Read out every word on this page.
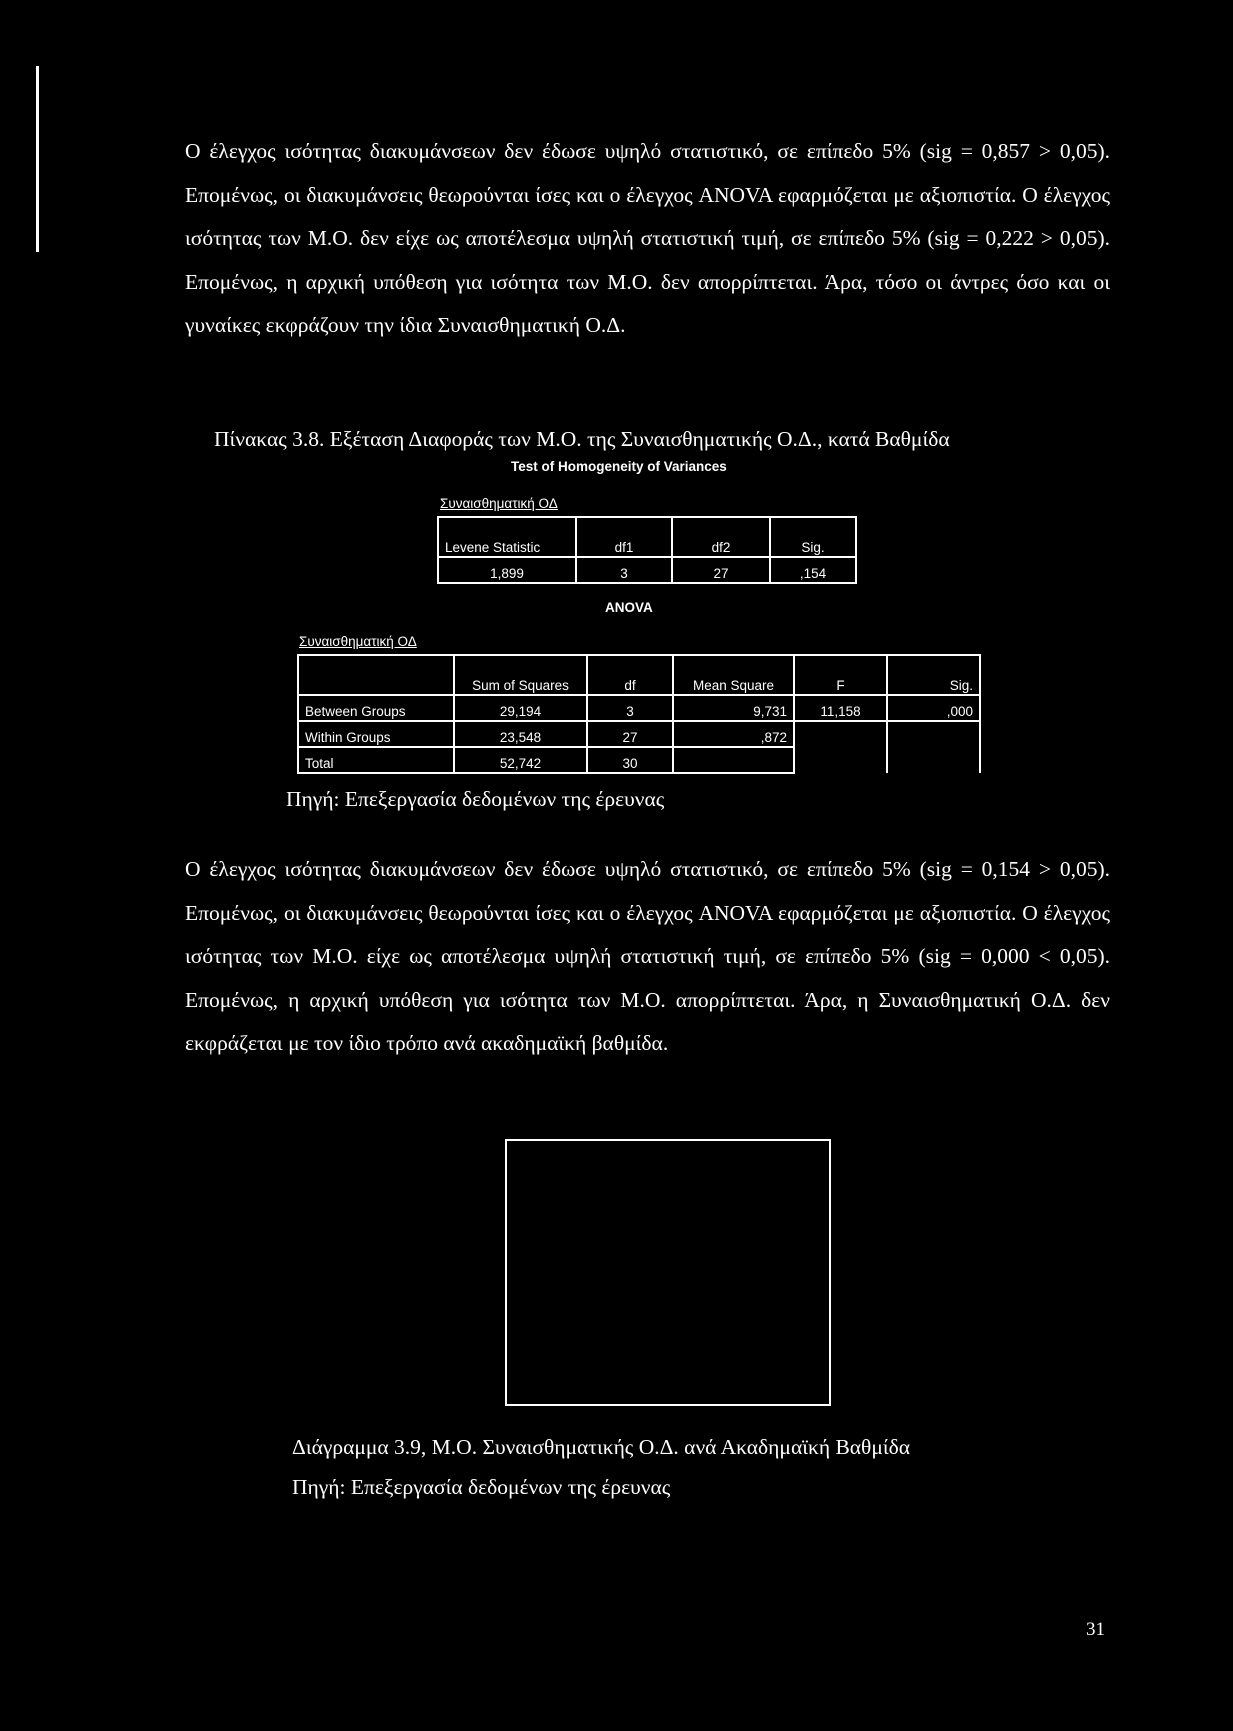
Ο έλεγχος ισότητας διακυμάνσεων δεν έδωσε υψηλό στατιστικό, σε επίπεδο 5% (sig = 0,857 > 0,05). Επομένως, οι διακυμάνσεις θεωρούνται ίσες και ο έλεγχος ANOVA εφαρμόζεται με αξιοπιστία. Ο έλεγχος ισότητας των Μ.Ο. δεν είχε ως αποτέλεσμα υψηλή στατιστική τιμή, σε επίπεδο 5% (sig = 0,222 > 0,05). Επομένως, η αρχική υπόθεση για ισότητα των Μ.Ο. δεν απορρίπτεται. Άρα, τόσο οι άντρες όσο και οι γυναίκες εκφράζουν την ίδια Συναισθηματική Ο.Δ.

Πίνακας 3.8. Εξέταση Διαφοράς των Μ.Ο. της Συναισθηματικής Ο.Δ., κατά Βαθμίδα
Test of Homogeneity of Variances
Συναισθηματική ΟΔ
Levene Statistic	df1	df2	Sig.
1,899	3	27	,154
ANOVA
Συναισθηματική ΟΔ
	Sum of Squares	df	Mean Square	F	Sig.
Between Groups	29,194	3	9,731	11,158	,000
Within Groups	23,548	27	,872		
Total	52,742	30			
Πηγή: Επεξεργασία δεδομένων της έρευνας

Ο έλεγχος ισότητας διακυμάνσεων δεν έδωσε υψηλό στατιστικό, σε επίπεδο 5% (sig = 0,154 > 0,05). Επομένως, οι διακυμάνσεις θεωρούνται ίσες και ο έλεγχος ANOVA εφαρμόζεται με αξιοπιστία. Ο έλεγχος ισότητας των Μ.Ο. είχε ως αποτέλεσμα υψηλή στατιστική τιμή, σε επίπεδο 5% (sig = 0,000 < 0,05). Επομένως, η αρχική υπόθεση για ισότητα των Μ.Ο. απορρίπτεται. Άρα, η Συναισθηματική Ο.Δ. δεν εκφράζεται με τον ίδιο τρόπο ανά ακαδημαϊκή βαθμίδα.

Διάγραμμα 3.9, Μ.Ο. Συναισθηματικής Ο.Δ. ανά Ακαδημαϊκή Βαθμίδα
Πηγή: Επεξεργασία δεδομένων της έρευνας
31
